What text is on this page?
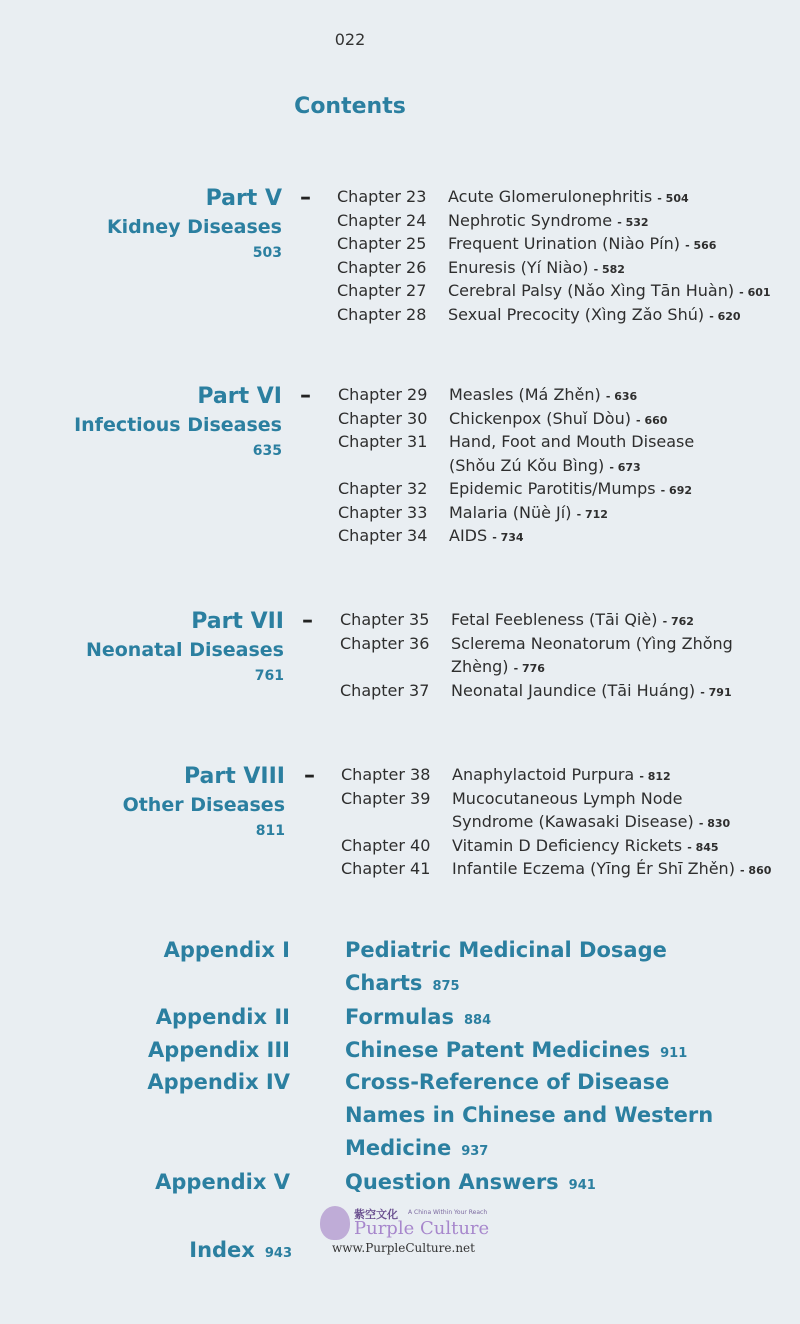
022
Contents
Part V
Kidney Diseases
503
–	Chapter 23	Acute Glomerulonephritis - 504
Chapter 24	Nephrotic Syndrome - 532
Chapter 25	Frequent Urination (Niào Pín) - 566
Chapter 26	Enuresis (Yí Niào) - 582
Chapter 27	Cerebral Palsy (Nǎo Xìng Tān Huàn) - 601
Chapter 28	Sexual Precocity (Xìng Zǎo Shú) - 620
Part VI
Infectious Diseases
635
–	Chapter 29	Measles (Má Zhěn) - 636
Chapter 30	Chickenpox (Shuǐ Dòu) - 660
Chapter 31	Hand, Foot and Mouth Disease (Shǒu Zú Kǒu Bìng) - 673
Chapter 32	Epidemic Parotitis/Mumps - 692
Chapter 33	Malaria (Nüè Jí) - 712
Chapter 34	AIDS - 734
Part VII
Neonatal Diseases
761
–	Chapter 35	Fetal Feebleness (Tāi Qiè) - 762
Chapter 36	Sclerema Neonatorum (Yìng Zhǒng Zhèng) - 776
Chapter 37	Neonatal Jaundice (Tāi Huáng) - 791
Part VIII
Other Diseases
811
–	Chapter 38	Anaphylactoid Purpura - 812
Chapter 39	Mucocutaneous Lymph Node Syndrome (Kawasaki Disease) - 830
Chapter 40	Vitamin D Deficiency Rickets - 845
Chapter 41	Infantile Eczema (Yīng Ér Shī Zhěn) - 860
Appendix I	Pediatric Medicinal Dosage Charts 875
Appendix II	Formulas 884
Appendix III	Chinese Patent Medicines 911
Appendix IV	Cross-Reference of Disease Names in Chinese and Western Medicine 937
Appendix V	Question Answers 941
Index 943
紫空文化 A China Within Your Reach
Purple Culture
www.PurpleCulture.net
